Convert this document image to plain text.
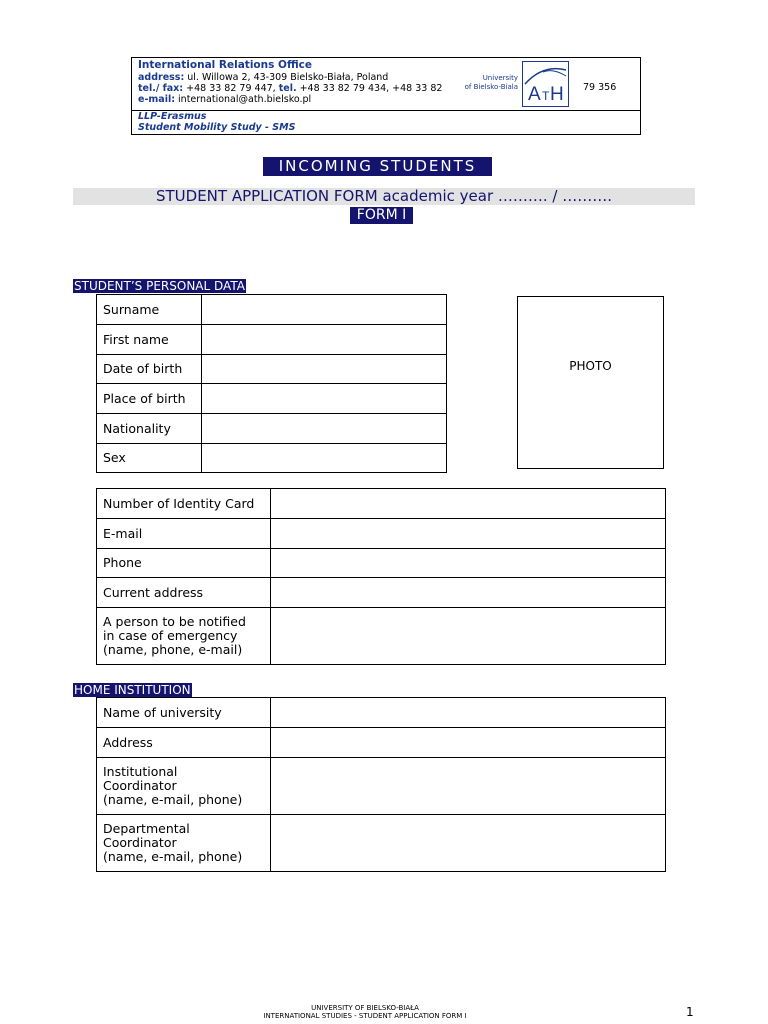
International Relations Office
address: ul. Willowa 2, 43-309 Bielsko-Biała, Poland
tel./ fax: +48 33 82 79 447, tel. +48 33 82 79 434, +48 33 82
e-mail: international@ath.bielsko.pl
University
of Bielsko-Biala A T H 79 356
LLP-Erasmus
Student Mobility Study - SMS
INCOMING STUDENTS
STUDENT APPLICATION FORM academic year ………. / ……….
FORM I
STUDENT’S PERSONAL DATA
Surname	
First name	
Date of birth	
Place of birth	
Nationality	
Sex	
PHOTO
Number of Identity Card	
E-mail	
Phone	
Current address	

A person to be notified
in case of emergency
(name, phone, e-mail)	

HOME INSTITUTION
Name of university	
Address	

Institutional
Coordinator
(name, e-mail, phone)	

Departmental
Coordinator
(name, e-mail, phone)	

UNIVERSITY OF BIELSKO-BIAŁA
INTERNATIONAL STUDIES - STUDENT APPLICATION FORM I	1
